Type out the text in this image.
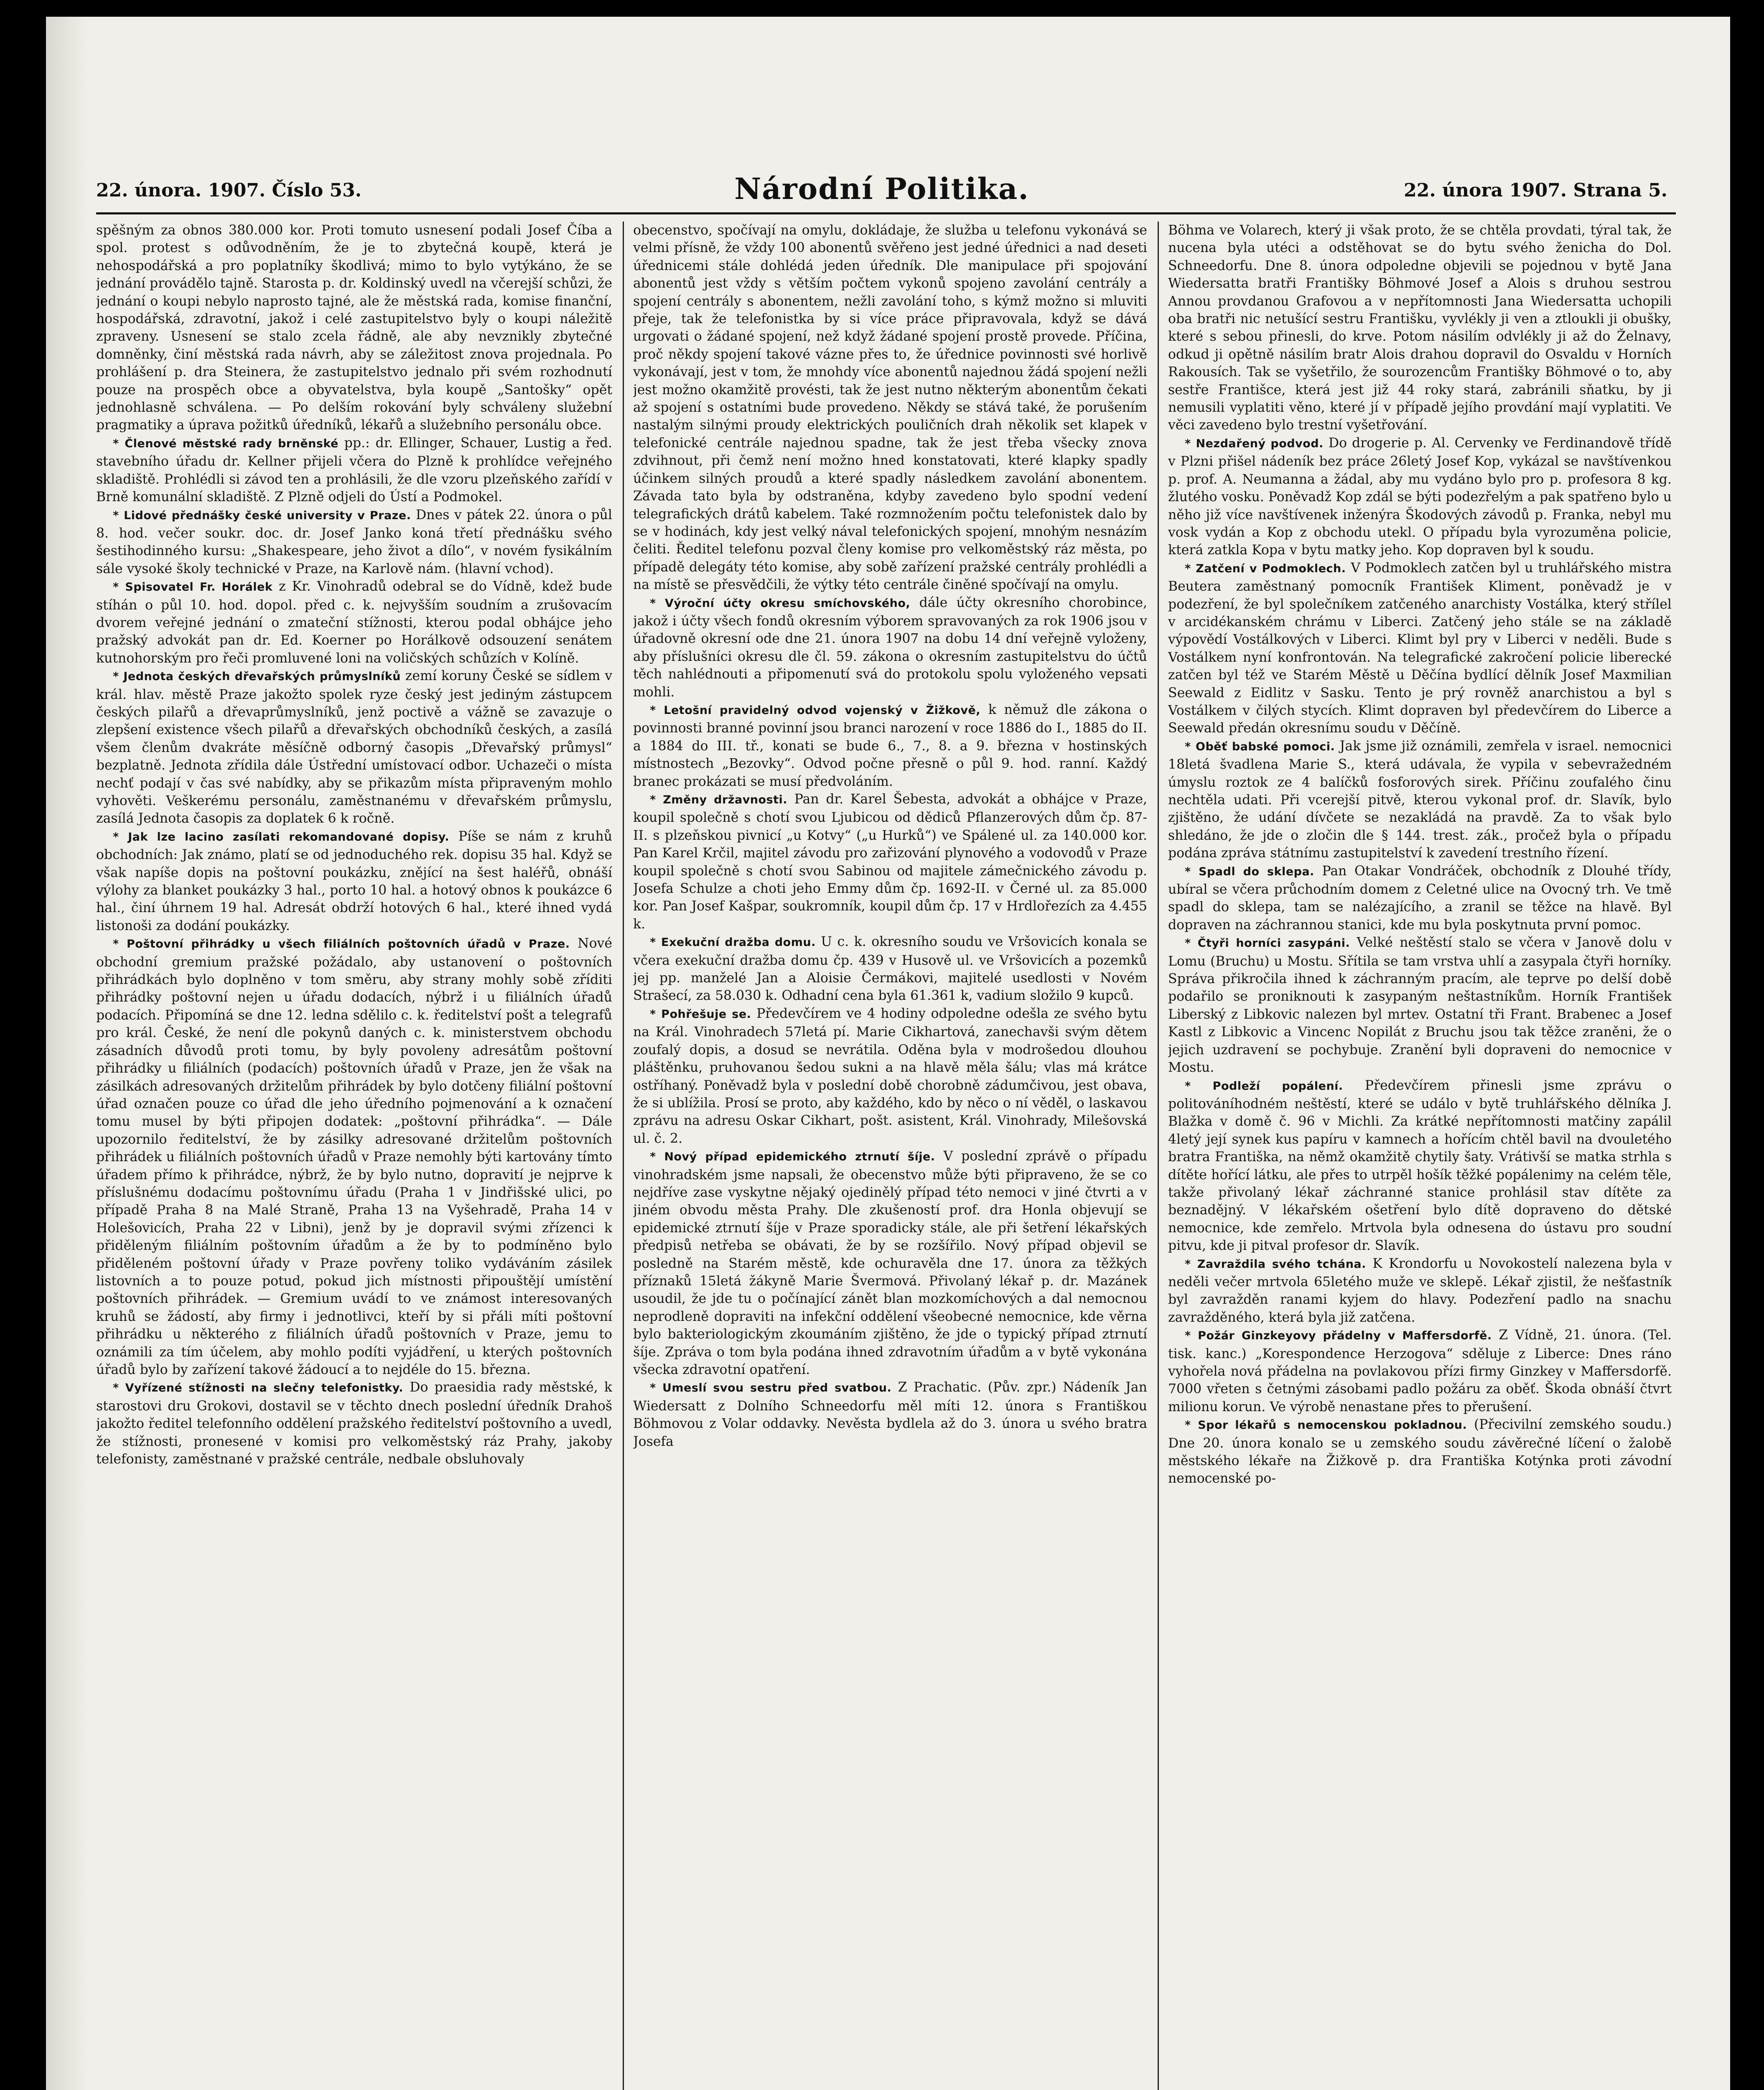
22. února. 1907. Číslo 53.	Národní Politika.	22. února 1907. Strana 5.

spěšným za obnos 380.000 kor. Proti tomuto usnesení podali Josef Číba a spol. protest s odůvodněním, že je to zbytečná koupě, která je nehospodářská a pro poplatníky škodlivá; mimo to bylo vytýkáno, že se jednání provádělo tajně. Starosta p. dr. Koldinský uvedl na včerejší schůzi, že jednání o koupi nebylo naprosto tajné, ale že městská rada, komise finanční, hospodářská, zdravotní, jakož i celé zastupitelstvo byly o koupi náležitě zpraveny. Usnesení se stalo zcela řádně, ale aby nevznikly zbytečné domněnky, činí městská rada návrh, aby se záležitost znova projednala. Po prohlášení p. dra Steinera, že zastupitelstvo jednalo při svém rozhodnutí pouze na prospěch obce a obyvatelstva, byla koupě „Santošky“ opět jednohlasně schválena. — Po delším rokování byly schváleny služební pragmatiky a úprava požitků úředníků, lékařů a služebního personálu obce.

* Členové městské rady brněnské pp.: dr. Ellinger, Schauer, Lustig a řed. stavebního úřadu dr. Kellner přijeli včera do Plzně k prohlídce veřejného skladiště. Prohlédli si závod ten a prohlásili, že dle vzoru plzeňského zařídí v Brně komunální skladiště. Z Plzně odjeli do Ústí a Podmokel.

* Lidové přednášky české university v Praze. Dnes v pátek 22. února o půl 8. hod. večer soukr. doc. dr. Josef Janko koná třetí přednášku svého šestihodinného kursu: „Shakespeare, jeho život a dílo“, v novém fysikálním sále vysoké školy technické v Praze, na Karlově nám. (hlavní vchod).

* Spisovatel Fr. Horálek z Kr. Vinohradů odebral se do Vídně, kdež bude stíhán o půl 10. hod. dopol. před c. k. nejvyšším soudním a zrušovacím dvorem veřejné jednání o zmateční stížnosti, kterou podal obhájce jeho pražský advokát pan dr. Ed. Koerner po Horálkově odsouzení senátem kutnohorským pro řeči promluvené loni na voličských schůzích v Kolíně.

* Jednota českých dřevařských průmyslníků zemí koruny České se sídlem v král. hlav. městě Praze jakožto spolek ryze český jest jediným zástupcem českých pilařů a dřevaprůmyslníků, jenž poctivě a vážně se zavazuje o zlepšení existence všech pilařů a dřevařských obchodníků českých, a zasílá všem členům dvakráte měsíčně odborný časopis „Dřevařský průmysl“ bezplatně. Jednota zřídila dále Ústřední umístovací odbor. Uchazeči o místa nechť podají v čas své nabídky, aby se přikazům místa připraveným mohlo vyhověti. Veškerému personálu, zaměstnanému v dřevařském průmyslu, zasílá Jednota časopis za doplatek 6 k ročně.

* Jak lze lacino zasílati rekomandované dopisy. Píše se nám z kruhů obchodních: Jak známo, platí se od jednoduchého rek. dopisu 35 hal. Když se však napíše dopis na poštovní poukázku, znějící na šest haléřů, obnáší výlohy za blanket poukázky 3 hal., porto 10 hal. a hotový obnos k poukázce 6 hal., činí úhrnem 19 hal. Adresát obdrží hotových 6 hal., které ihned vydá listonoši za dodání poukázky.

* Poštovní přihrádky u všech filiálních poštovních úřadů v Praze. Nové obchodní gremium pražské požádalo, aby ustanovení o poštovních přihrádkách bylo doplněno v tom směru, aby strany mohly sobě zříditi přihrádky poštovní nejen u úřadu dodacích, nýbrž i u filiálních úřadů podacích. Připomíná se dne 12. ledna sdělilo c. k. ředitelství pošt a telegrafů pro král. České, že není dle pokynů daných c. k. ministerstvem obchodu zásadních důvodů proti tomu, by byly povoleny adresátům poštovní přihrádky u filiálních (podacích) poštovních úřadů v Praze, jen že však na zásilkách adresovaných držitelům přihrádek by bylo dotčeny filiální poštovní úřad označen pouze co úřad dle jeho úředního pojmenování a k označení tomu musel by býti připojen dodatek: „poštovní přihrádka“. — Dále upozornilo ředitelství, že by zásilky adresované držitelům poštovních přihrádek u filiálních poštovních úřadů v Praze nemohly býti kartovány tímto úřadem přímo k přihrádce, nýbrž, že by bylo nutno, dopravití je nejprve k příslušnému dodacímu poštovnímu úřadu (Praha 1 v Jindřišské ulici, po případě Praha 8 na Malé Straně, Praha 13 na Vyšehradě, Praha 14 v Holešovicích, Praha 22 v Libni), jenž by je dopravil svými zřízenci k přiděleným filiálním poštovním úřadům a že by to podmíněno bylo přiděleném poštovní úřady v Praze povřeny toliko vydáváním zásilek listovních a to pouze potud, pokud jich místnosti připouštějí umístění poštovních přihrádek. — Gremium uvádí to ve známost interesovaných kruhů se žádostí, aby firmy i jednotlivci, kteří by si přáli míti poštovní přihrádku u některého z filiálních úřadů poštovních v Praze, jemu to oznámili za tím účelem, aby mohlo podíti vyjádření, u kterých poštovních úřadů bylo by zařízení takové žádoucí a to nejdéle do 15. března.

* Vyřízené stížnosti na slečny telefonistky. Do praesidia rady městské, k starostovi dru Grokovi, dostavil se v těchto dnech poslední úředník Drahoš jakožto ředitel telefonního oddělení pražského ředitelství poštovního a uvedl, že stížnosti, pronesené v komisi pro velkoměstský ráz Prahy, jakoby telefonisty, zaměstnané v pražské centrále, nedbale obsluhovaly

obecenstvo, spočívají na omylu, dokládaje, že služba u telefonu vykonává se velmi přísně, že vždy 100 abonentů svěřeno jest jedné úřednici a nad deseti úřednicemi stále dohlédá jeden úředník. Dle manipulace při spojování abonentů jest vždy s větším počtem vykonů spojeno zavolání centrály a spojení centrály s abonentem, nežli zavolání toho, s kýmž možno si mluviti přeje, tak že telefonistka by si více práce připravovala, když se dává urgovati o žádané spojení, než když žádané spojení prostě provede. Příčina, proč někdy spojení takové vázne přes to, že úřednice povinnosti své horlivě vykonávají, jest v tom, že mnohdy více abonentů najednou žádá spojení nežli jest možno okamžitě provésti, tak že jest nutno některým abonentům čekati až spojení s ostatními bude provedeno. Někdy se stává také, že porušením nastalým silnými proudy elektrických pouličních drah několik set klapek v telefonické centrále najednou spadne, tak že jest třeba všecky znova zdvihnout, při čemž není možno hned konstatovati, které klapky spadly účinkem silných proudů a které spadly následkem zavolání abonentem. Závada tato byla by odstraněna, kdyby zavedeno bylo spodní vedení telegrafických drátů kabelem. Také rozmnožením počtu telefonistek dalo by se v hodinách, kdy jest velký nával telefonických spojení, mnohým nesnázím čeliti. Ředitel telefonu pozval členy komise pro velkoměstský ráz města, po případě delegáty této komise, aby sobě zařízení pražské centrály prohlédli a na místě se přesvědčili, že výtky této centrále činěné spočívají na omylu.

* Výroční účty okresu smíchovského, dále účty okresního chorobince, jakož i účty všech fondů okresním výborem spravovaných za rok 1906 jsou v úřadovně okresní ode dne 21. února 1907 na dobu 14 dní veřejně vyloženy, aby příslušníci okresu dle čl. 59. zákona o okresním zastupitelstvu do účtů těch nahlédnouti a připomenutí svá do protokolu spolu vyloženého vepsati mohli.

* Letošní pravidelný odvod vojenský v Žižkově, k němuž dle zákona o povinnosti branné povinní jsou branci narození v roce 1886 do I., 1885 do II. a 1884 do III. tř., konati se bude 6., 7., 8. a 9. března v hostinských místnostech „Bezovky“. Odvod počne přesně o půl 9. hod. ranní. Každý branec prokázati se musí předvoláním.

* Změny državnosti. Pan dr. Karel Šebesta, advokát a obhájce v Praze, koupil společně s chotí svou Ljubicou od dědiců Pflanzerových dům čp. 87-II. s plzeňskou pivnicí „u Kotvy“ („u Hurků“) ve Spálené ul. za 140.000 kor. Pan Karel Krčil, majitel závodu pro zařizování plynového a vodovodů v Praze koupil společně s chotí svou Sabinou od majitele zámečnického závodu p. Josefa Schulze a choti jeho Emmy dům čp. 1692-II. v Černé ul. za 85.000 kor. Pan Josef Kašpar, soukromník, koupil dům čp. 17 v Hrdlořezích za 4.455 k.

* Exekuční dražba domu. U c. k. okresního soudu ve Vršovicích konala se včera exekuční dražba domu čp. 439 v Husově ul. ve Vršovicích a pozemků jej pp. manželé Jan a Aloisie Čermákovi, majitelé usedlosti v Novém Strašecí, za 58.030 k. Odhadní cena byla 61.361 k, vadium složilo 9 kupců.

* Pohřešuje se. Předevčírem ve 4 hodiny odpoledne odešla ze svého bytu na Král. Vinohradech 57letá pí. Marie Cikhartová, zanechavši svým dětem zoufalý dopis, a dosud se nevrátila. Oděna byla v modrošedou dlouhou pláštěnku, pruhovanou šedou sukni a na hlavě měla šálu; vlas má krátce ostříhaný. Poněvadž byla v poslední době chorobně zádumčivou, jest obava, že si ublížila. Prosí se proto, aby každého, kdo by něco o ní věděl, o laskavou zprávu na adresu Oskar Cikhart, pošt. asistent, Král. Vinohrady, Milešovská ul. č. 2.

* Nový případ epidemického ztrnutí šíje. V poslední zprávě o případu vinohradském jsme napsali, že obecenstvo může býti připraveno, že se co nejdříve zase vyskytne nějaký ojedinělý případ této nemoci v jiné čtvrti a v jiném obvodu města Prahy. Dle zkušeností prof. dra Honla objevují se epidemické ztrnutí šíje v Praze sporadicky stále, ale při šetření lékařských předpisů netřeba se obávati, že by se rozšířilo. Nový případ objevil se posledně na Starém městě, kde ochuravěla dne 17. února za těžkých příznaků 15letá žákyně Marie Švermová. Přivolaný lékař p. dr. Mazánek usoudil, že jde tu o počínající zánět blan mozkomíchových a dal nemocnou neprodleně dopraviti na infekční oddělení všeobecné nemocnice, kde věrna bylo bakteriologickým zkoumáním zjištěno, že jde o typický případ ztrnutí šíje. Zpráva o tom byla podána ihned zdravotním úřadům a v bytě vykonána všecka zdravotní opatření.

* Umeslí svou sestru před svatbou. Z Prachatic. (Pův. zpr.) Nádeník Jan Wiedersatt z Dolního Schneedorfu měl míti 12. února s Františkou Böhmovou z Volar oddavky. Nevěsta bydlela až do 3. února u svého bratra Josefa

Böhma ve Volarech, který ji však proto, že se chtěla provdati, týral tak, že nucena byla utéci a odstěhovat se do bytu svého ženicha do Dol. Schneedorfu. Dne 8. února odpoledne objevili se pojednou v bytě Jana Wiedersatta bratři Františky Böhmové Josef a Alois s druhou sestrou Annou provdanou Grafovou a v nepřítomnosti Jana Wiedersatta uchopili oba bratři nic netušící sestru Františku, vyvlékly ji ven a ztloukli ji obušky, které s sebou přinesli, do krve. Potom násilím odvlékly ji až do Želnavy, odkud ji opětně násilím bratr Alois drahou dopravil do Osvaldu v Horních Rakousích. Tak se vyšetřilo, že sourozencům Františky Böhmové o to, aby sestře Františce, která jest již 44 roky stará, zabránili sňatku, by ji nemusili vyplatiti věno, které jí v případě jejího provdání mají vyplatiti. Ve věci zavedeno bylo trestní vyšetřování.

* Nezdařený podvod. Do drogerie p. Al. Cervenky ve Ferdinandově třídě v Plzni přišel nádeník bez práce 26letý Josef Kop, vykázal se navštívenkou p. prof. A. Neumanna a žádal, aby mu vydáno bylo pro p. profesora 8 kg. žlutého vosku. Poněvadž Kop zdál se býti podezřelým a pak spatřeno bylo u něho již více navštívenek inženýra Škodových závodů p. Franka, nebyl mu vosk vydán a Kop z obchodu utekl. O případu byla vyrozuměna policie, která zatkla Kopa v bytu matky jeho. Kop dopraven byl k soudu.

* Zatčení v Podmoklech. V Podmoklech zatčen byl u truhlářského mistra Beutera zaměstnaný pomocník František Kliment, poněvadž je v podezření, že byl společníkem zatčeného anarchisty Vostálka, který střílel v arcidékanském chrámu v Liberci. Zatčený jeho stále se na základě výpovědí Vostálkových v Liberci. Klimt byl pry v Liberci v neděli. Bude s Vostálkem nyní konfrontován. Na telegrafické zakročení policie liberecké zatčen byl též ve Starém Městě u Děčína bydlící dělník Josef Maxmilian Seewald z Eidlitz v Sasku. Tento je prý rovněž anarchistou a byl s Vostálkem v čilých stycích. Klimt dopraven byl předevčírem do Liberce a Seewald předán okresnímu soudu v Děčíně.

* Oběť babské pomoci. Jak jsme již oznámili, zemřela v israel. nemocnici 18letá švadlena Marie S., která udávala, že vypila v sebevražedném úmyslu roztok ze 4 balíčků fosforových sirek. Příčinu zoufalého činu nechtěla udati. Při vcerejší pitvě, kterou vykonal prof. dr. Slavík, bylo zjištěno, že udání dívčete se nezakládá na pravdě. Za to však bylo shledáno, že jde o zločin dle § 144. trest. zák., pročež byla o případu podána zpráva státnímu zastupitelství k zavedení trestního řízení.

* Spadl do sklepa. Pan Otakar Vondráček, obchodník z Dlouhé třídy, ubíral se včera průchodním domem z Celetné ulice na Ovocný trh. Ve tmě spadl do sklepa, tam se nalézajícího, a zranil se těžce na hlavě. Byl dopraven na záchrannou stanici, kde mu byla poskytnuta první pomoc.

* Čtyři horníci zasypáni. Velké neštěstí stalo se včera v Janově dolu v Lomu (Bruchu) u Mostu. Sřítila se tam vrstva uhlí a zasypala čtyři horníky. Správa přikročila ihned k záchranným pracím, ale teprve po delší době podařilo se proniknouti k zasypaným neštastníkům. Horník František Liberský z Libkovic nalezen byl mrtev. Ostatní tři Frant. Brabenec a Josef Kastl z Libkovic a Vincenc Nopilát z Bruchu jsou tak těžce zraněni, že o jejich uzdravení se pochybuje. Zranění byli dopraveni do nemocnice v Mostu.

* Podleží popálení. Předevčírem přinesli jsme zprávu o politováníhodném neštěstí, které se událo v bytě truhlářského dělníka J. Blažka v domě č. 96 v Michli. Za krátké nepřítomnosti matčiny zapálil 4letý její synek kus papíru v kamnech a hořícím chtěl bavil na dvouletého bratra Františka, na němž okamžitě chytily šaty. Vrátivší se matka strhla s dítěte hořící látku, ale přes to utrpěl hošík těžké popálenimy na celém těle, takže přivolaný lékař záchranné stanice prohlásil stav dítěte za beznadějný. V lékařském ošetření bylo dítě dopraveno do dětské nemocnice, kde zemřelo. Mrtvola byla odnesena do ústavu pro soudní pitvu, kde ji pitval profesor dr. Slavík.

* Zavraždila svého tchána. K Krondorfu u Novokostelí nalezena byla v neděli večer mrtvola 65letého muže ve sklepě. Lékař zjistil, že nešťastník byl zavražděn ranami kyjem do hlavy. Podezření padlo na snachu zavražděného, která byla již zatčena.

* Požár Ginzkeyovy přádelny v Maffersdorfě. Z Vídně, 21. února. (Tel. tisk. kanc.) „Korespondence Herzogova“ sděluje z Liberce: Dnes ráno vyhořela nová přádelna na povlakovou přízi firmy Ginzkey v Maffersdorfě. 7000 vřeten s četnými zásobami padlo požáru za oběť. Škoda obnáší čtvrt milionu korun. Ve výrobě nenastane přes to přerušení.

* Spor lékařů s nemocenskou pokladnou. (Přecivilní zemského soudu.) Dne 20. února konalo se u zemského soudu závěrečné líčení o žalobě městského lékaře na Žižkově p. dra Františka Kotýnka proti závodní nemocenské po-
